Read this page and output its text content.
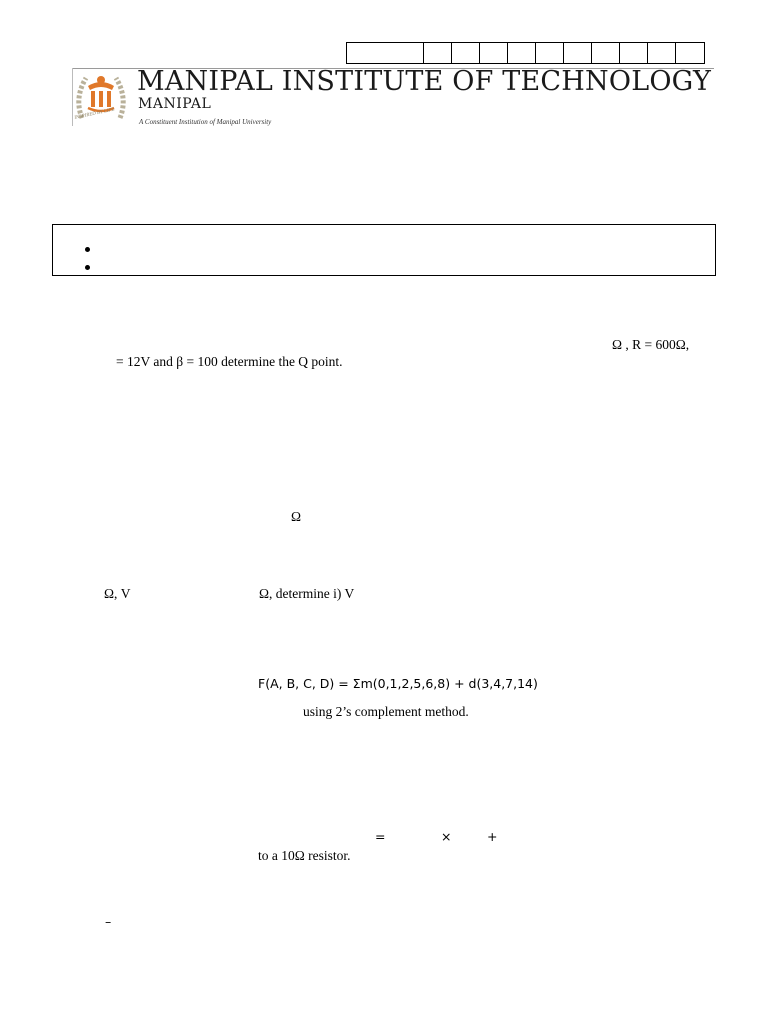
INSPIRED BY LIFE
MANIPAL INSTITUTE OF TECHNOLOGY
MANIPAL
A Constituent Institution of Manipal University
Ω , R = 600Ω,
= 12V and β = 100 determine the Q point.
Ω
Ω, V	Ω, determine i) V
F(A, B, C, D) = Σm(0,1,2,5,6,8) + d(3,4,7,14)
using 2’s complement method.
=	×	+
to a 10Ω resistor.
–
